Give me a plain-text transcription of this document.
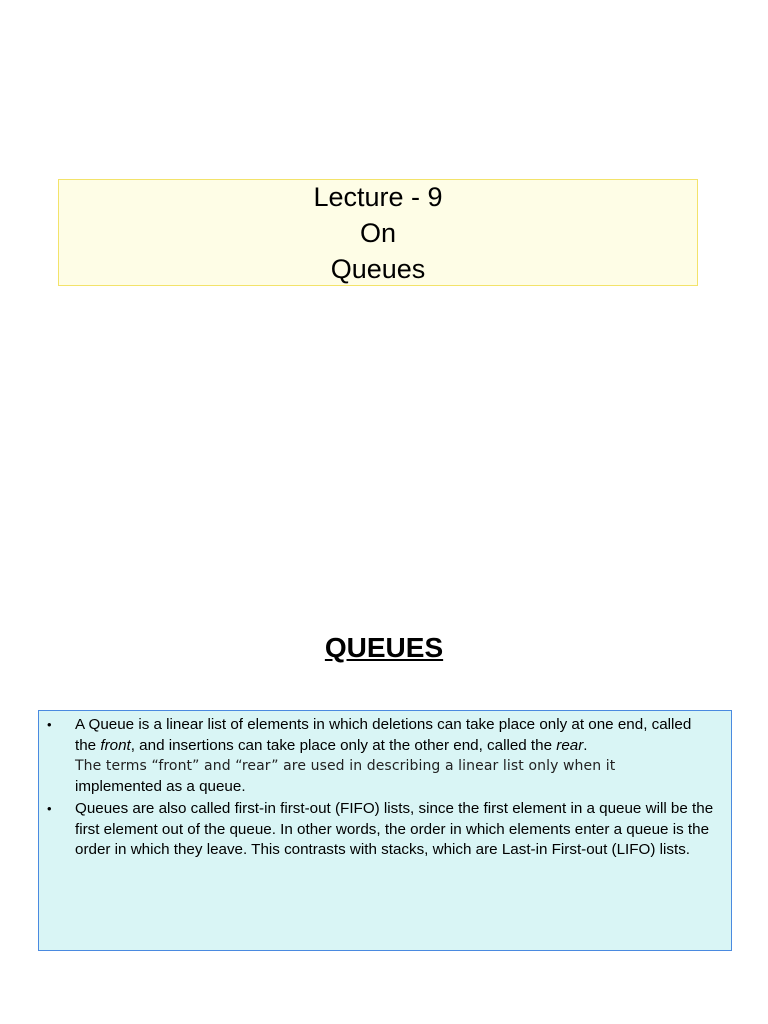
Lecture - 9
On
Queues
QUEUES
•	A Queue is a linear list of elements in which deletions can take place only at one end, called the front, and insertions can take place only at the other end, called the rear.
The terms “front” and “rear” are used in describing a linear list only when it
implemented as a queue.
•	Queues are also called first-in first-out (FIFO) lists, since the first element in a queue will be the first element out of the queue. In other words, the order in which elements enter a queue is the order in which they leave. This contrasts with stacks, which are Last-in First-out (LIFO) lists.
